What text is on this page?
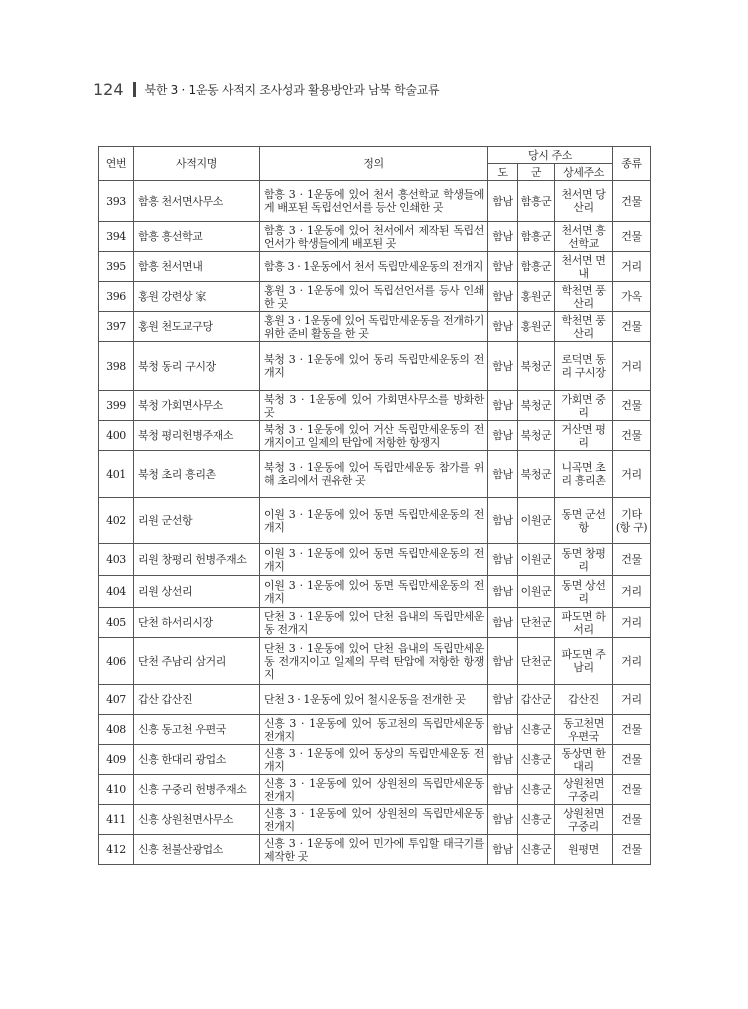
124 북한 3 · 1운동 사적지 조사성과 활용방안과 남북 학술교류
연번	사적지명	정의	당시 주소			종류
			도	군	상세주소	
393	함흥 천서면사무소	함흥 3 · 1운동에 있어 천서 흥선학교 학생들에게 배포된 독립선언서를 등산 인쇄한 곳	함남	함흥군	천서면 당산리	건물
394	함흥 흥선학교	함흥 3 · 1운동에 있어 천서에서 제작된 독립선언서가 학생들에게 배포된 곳	함남	함흥군	천서면 흥선학교	건물
395	함흥 천서면내	함흥 3 · 1운동에서 천서 독립만세운동의 전개지	함남	함흥군	천서면 면내	거리
396	홍원 강련상 家	홍원 3 · 1운동에 있어 독립선언서를 등사 인쇄한 곳	함남	홍원군	학천면 풍산리	가옥
397	홍원 천도교구당	홍원 3 · 1운동에 있어 독립만세운동을 전개하기 위한 준비 활동을 한 곳	함남	홍원군	학천면 풍산리	건물
398	북청 동리 구시장	북청 3 · 1운동에 있어 동리 독립만세운동의 전개지	함남	북청군	로덕면 동리 구시장	거리
399	북청 가회면사무소	북청 3 · 1운동에 있어 가회면사무소를 방화한 곳	함남	북청군	가회면 중리	건물
400	북청 평리헌병주재소	북청 3 · 1운동에 있어 거산 독립만세운동의 전개지이고 일제의 탄압에 저항한 항쟁지	함남	북청군	거산면 평리	건물
401	북청 초리 흥리촌	북청 3 · 1운동에 있어 독립만세운동 참가를 위해 초리에서 권유한 곳	함남	북청군	니곡면 초리 흥리촌	거리
402	리원 군선항	이원 3 · 1운동에 있어 동면 독립만세운동의 전개지	함남	이원군	동면 군선항	기타 (항 구)
403	리원 창평리 헌병주재소	이원 3 · 1운동에 있어 동면 독립만세운동의 전개지	함남	이원군	동면 창평리	건물
404	리원 상선리	이원 3 · 1운동에 있어 동면 독립만세운동의 전개지	함남	이원군	동면 상선리	거리
405	단천 하서리시장	단천 3 · 1운동에 있어 단천 읍내의 독립만세운동 전개지	함남	단천군	파도면 하서리	거리
406	단천 주남리 삼거리	단천 3 · 1운동에 있어 단천 읍내의 독립만세운동 전개지이고 일제의 무력 탄압에 저항한 항쟁지	함남	단천군	파도면 주남리	거리
407	갑산 갑산진	단천 3 · 1운동에 있어 철시운동을 전개한 곳	함남	갑산군	갑산진	거리
408	신흥 동고천 우편국	신흥 3 · 1운동에 있어 동고천의 독립만세운동 전개지	함남	신흥군	동고천면 우편국	건물
409	신흥 한대리 광업소	신흥 3 · 1운동에 있어 동상의 독립만세운동 전개지	함남	신흥군	동상면 한대리	건물
410	신흥 구중리 헌병주재소	신흥 3 · 1운동에 있어 상원천의 독립만세운동 전개지	함남	신흥군	상원천면 구중리	건물
411	신흥 상원천면사무소	신흥 3 · 1운동에 있어 상원천의 독립만세운동 전개지	함남	신흥군	상원천면 구중리	건물
412	신흥 천불산광업소	신흥 3 · 1운동에 있어 민가에 투입할 태극기를 제작한 곳	함남	신흥군	원평면	건물
